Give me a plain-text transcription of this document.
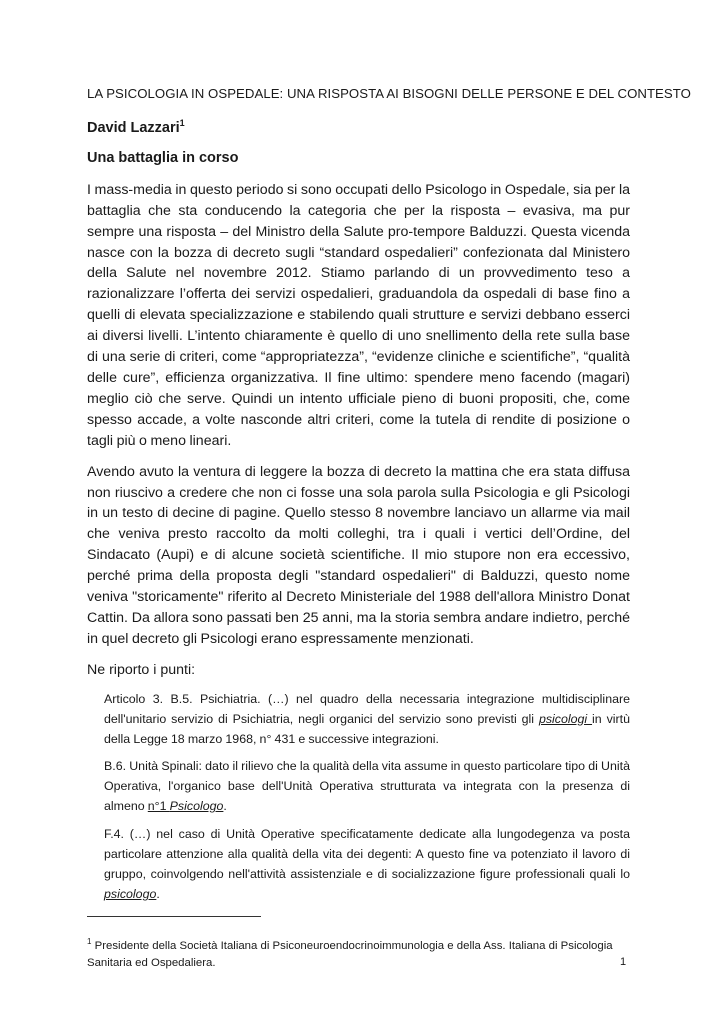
LA PSICOLOGIA IN OSPEDALE: UNA RISPOSTA AI BISOGNI DELLE PERSONE E DEL CONTESTO

David Lazzari$^1$

Una battaglia in corso

I mass-media in questo periodo si sono occupati dello Psicologo in Ospedale, sia per la battaglia che sta conducendo la categoria che per la risposta – evasiva, ma pur sempre una risposta – del Ministro della Salute pro-tempore Balduzzi. Questa vicenda nasce con la bozza di decreto sugli “standard ospedalieri” confezionata dal Ministero della Salute nel novembre 2012. Stiamo parlando di un provvedimento teso a razionalizzare l’offerta dei servizi ospedalieri, graduandola da ospedali di base fino a quelli di elevata specializzazione e stabilendo quali strutture e servizi debbano esserci ai diversi livelli. L’intento chiaramente è quello di uno snellimento della rete sulla base di una serie di criteri, come “appropriatezza”, “evidenze cliniche e scientifiche”, “qualità delle cure”, efficienza organizzativa. Il fine ultimo: spendere meno facendo (magari) meglio ciò che serve. Quindi un intento ufficiale pieno di buoni propositi, che, come spesso accade, a volte nasconde altri criteri, come la tutela di rendite di posizione o tagli più o meno lineari.

Avendo avuto la ventura di leggere la bozza di decreto la mattina che era stata diffusa non riuscivo a credere che non ci fosse una sola parola sulla Psicologia e gli Psicologi in un testo di decine di pagine. Quello stesso 8 novembre lanciavo un allarme via mail che veniva presto raccolto da molti colleghi, tra i quali i vertici dell’Ordine, del Sindacato (Aupi) e di alcune società scientifiche. Il mio stupore non era eccessivo, perché prima della proposta degli "standard ospedalieri" di Balduzzi, questo nome veniva "storicamente" riferito al Decreto Ministeriale del 1988 dell'allora Ministro Donat Cattin. Da allora sono passati ben 25 anni, ma la storia sembra andare indietro, perché in quel decreto gli Psicologi erano espressamente menzionati.

Ne riporto i punti:

Articolo 3. B.5. Psichiatria. (…) nel quadro della necessaria integrazione multidisciplinare dell'unitario servizio di Psichiatria, negli organici del servizio sono previsti gli psicologi in virtù della Legge 18 marzo 1968, n° 431 e successive integrazioni.

B.6. Unità Spinali: dato il rilievo che la qualità della vita assume in questo particolare tipo di Unità Operativa, l'organico base dell'Unità Operativa strutturata va integrata con la presenza di almeno n°1 Psicologo.

F.4. (…) nel caso di Unità Operative specificatamente dedicate alla lungodegenza va posta particolare attenzione alla qualità della vita dei degenti: A questo fine va potenziato il lavoro di gruppo, coinvolgendo nell'attività assistenziale e di socializzazione figure professionali quali lo psicologo.

$^1$ Presidente della Società Italiana di Psiconeuroendocrinoimmunologia e della Ass. Italiana di Psicologia Sanitaria ed Ospedaliera.	1
